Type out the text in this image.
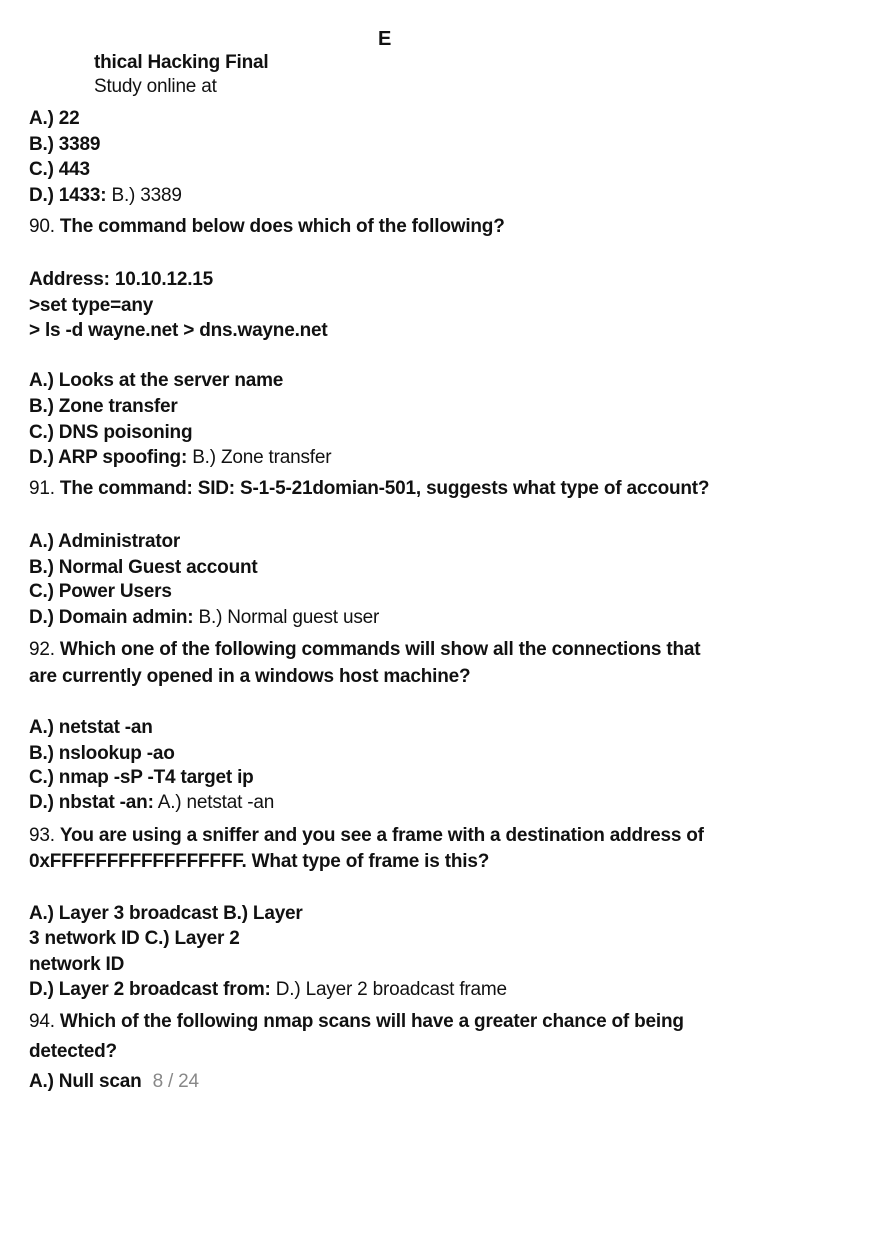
E
thical Hacking Final
Study online at
A.) 22
B.) 3389
C.) 443
D.) 1433: B.) 3389
90. The command below does which of the following?
Address: 10.10.12.15
>set type=any
> ls -d wayne.net > dns.wayne.net
A.) Looks at the server name
B.) Zone transfer
C.) DNS poisoning
D.) ARP spoofing: B.) Zone transfer
91. The command: SID: S-1-5-21domian-501, suggests what type of account?
A.) Administrator
B.) Normal Guest account
C.) Power Users
D.) Domain admin: B.) Normal guest user
92. Which one of the following commands will show all the connections that
are currently opened in a windows host machine?
A.) netstat -an
B.) nslookup -ao
C.) nmap -sP -T4 target ip
D.) nbstat -an: A.) netstat -an
93. You are using a sniffer and you see a frame with a destination address of
0xFFFFFFFFFFFFFFFFF. What type of frame is this?
A.) Layer 3 broadcast B.) Layer
3 network ID C.) Layer 2
network ID
D.) Layer 2 broadcast from: D.) Layer 2 broadcast frame
94. Which of the following nmap scans will have a greater chance of being
detected?
A.) Null scan 8 / 24
